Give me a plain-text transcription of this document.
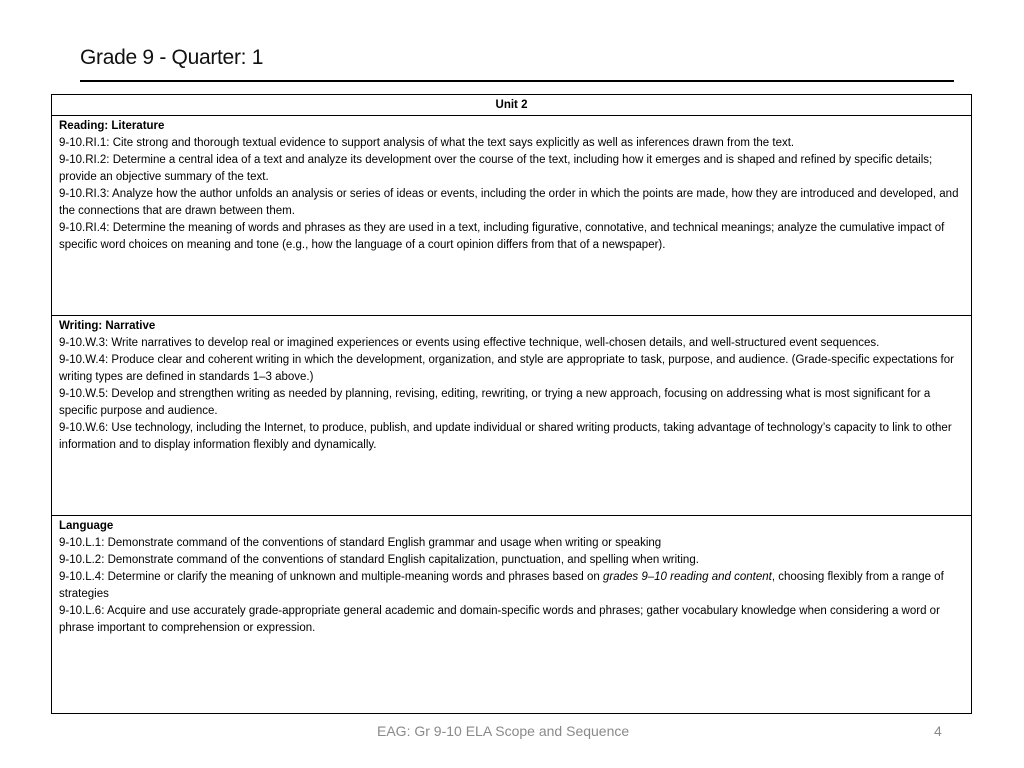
Grade 9 - Quarter: 1
Unit 2
Reading: Literature

9-10.RI.1: Cite strong and thorough textual evidence to support analysis of what the text says explicitly as well as inferences drawn from the text.

9-10.RI.2: Determine a central idea of a text and analyze its development over the course of the text, including how it emerges and is shaped and refined by specific details; provide an objective summary of the text.

9-10.RI.3: Analyze how the author unfolds an analysis or series of ideas or events, including the order in which the points are made, how they are introduced and developed, and the connections that are drawn between them.

9-10.RI.4: Determine the meaning of words and phrases as they are used in a text, including figurative, connotative, and technical meanings; analyze the cumulative impact of specific word choices on meaning and tone (e.g., how the language of a court opinion differs from that of a newspaper).

Writing: Narrative

9-10.W.3: Write narratives to develop real or imagined experiences or events using effective technique, well-chosen details, and well-structured event sequences.

9-10.W.4: Produce clear and coherent writing in which the development, organization, and style are appropriate to task, purpose, and audience. (Grade-specific expectations for writing types are defined in standards 1–3 above.)

9-10.W.5: Develop and strengthen writing as needed by planning, revising, editing, rewriting, or trying a new approach, focusing on addressing what is most significant for a specific purpose and audience.

9-10.W.6: Use technology, including the Internet, to produce, publish, and update individual or shared writing products, taking advantage of technology’s capacity to link to other information and to display information flexibly and dynamically.

Language

9-10.L.1: Demonstrate command of the conventions of standard English grammar and usage when writing or speaking

9-10.L.2: Demonstrate command of the conventions of standard English capitalization, punctuation, and spelling when writing.

9-10.L.4: Determine or clarify the meaning of unknown and multiple-meaning words and phrases based on grades 9–10 reading and content, choosing flexibly from a range of strategies

9-10.L.6: Acquire and use accurately grade-appropriate general academic and domain-specific words and phrases; gather vocabulary knowledge when considering a word or phrase important to comprehension or expression.

EAG: Gr 9-10 ELA Scope and Sequence	4
